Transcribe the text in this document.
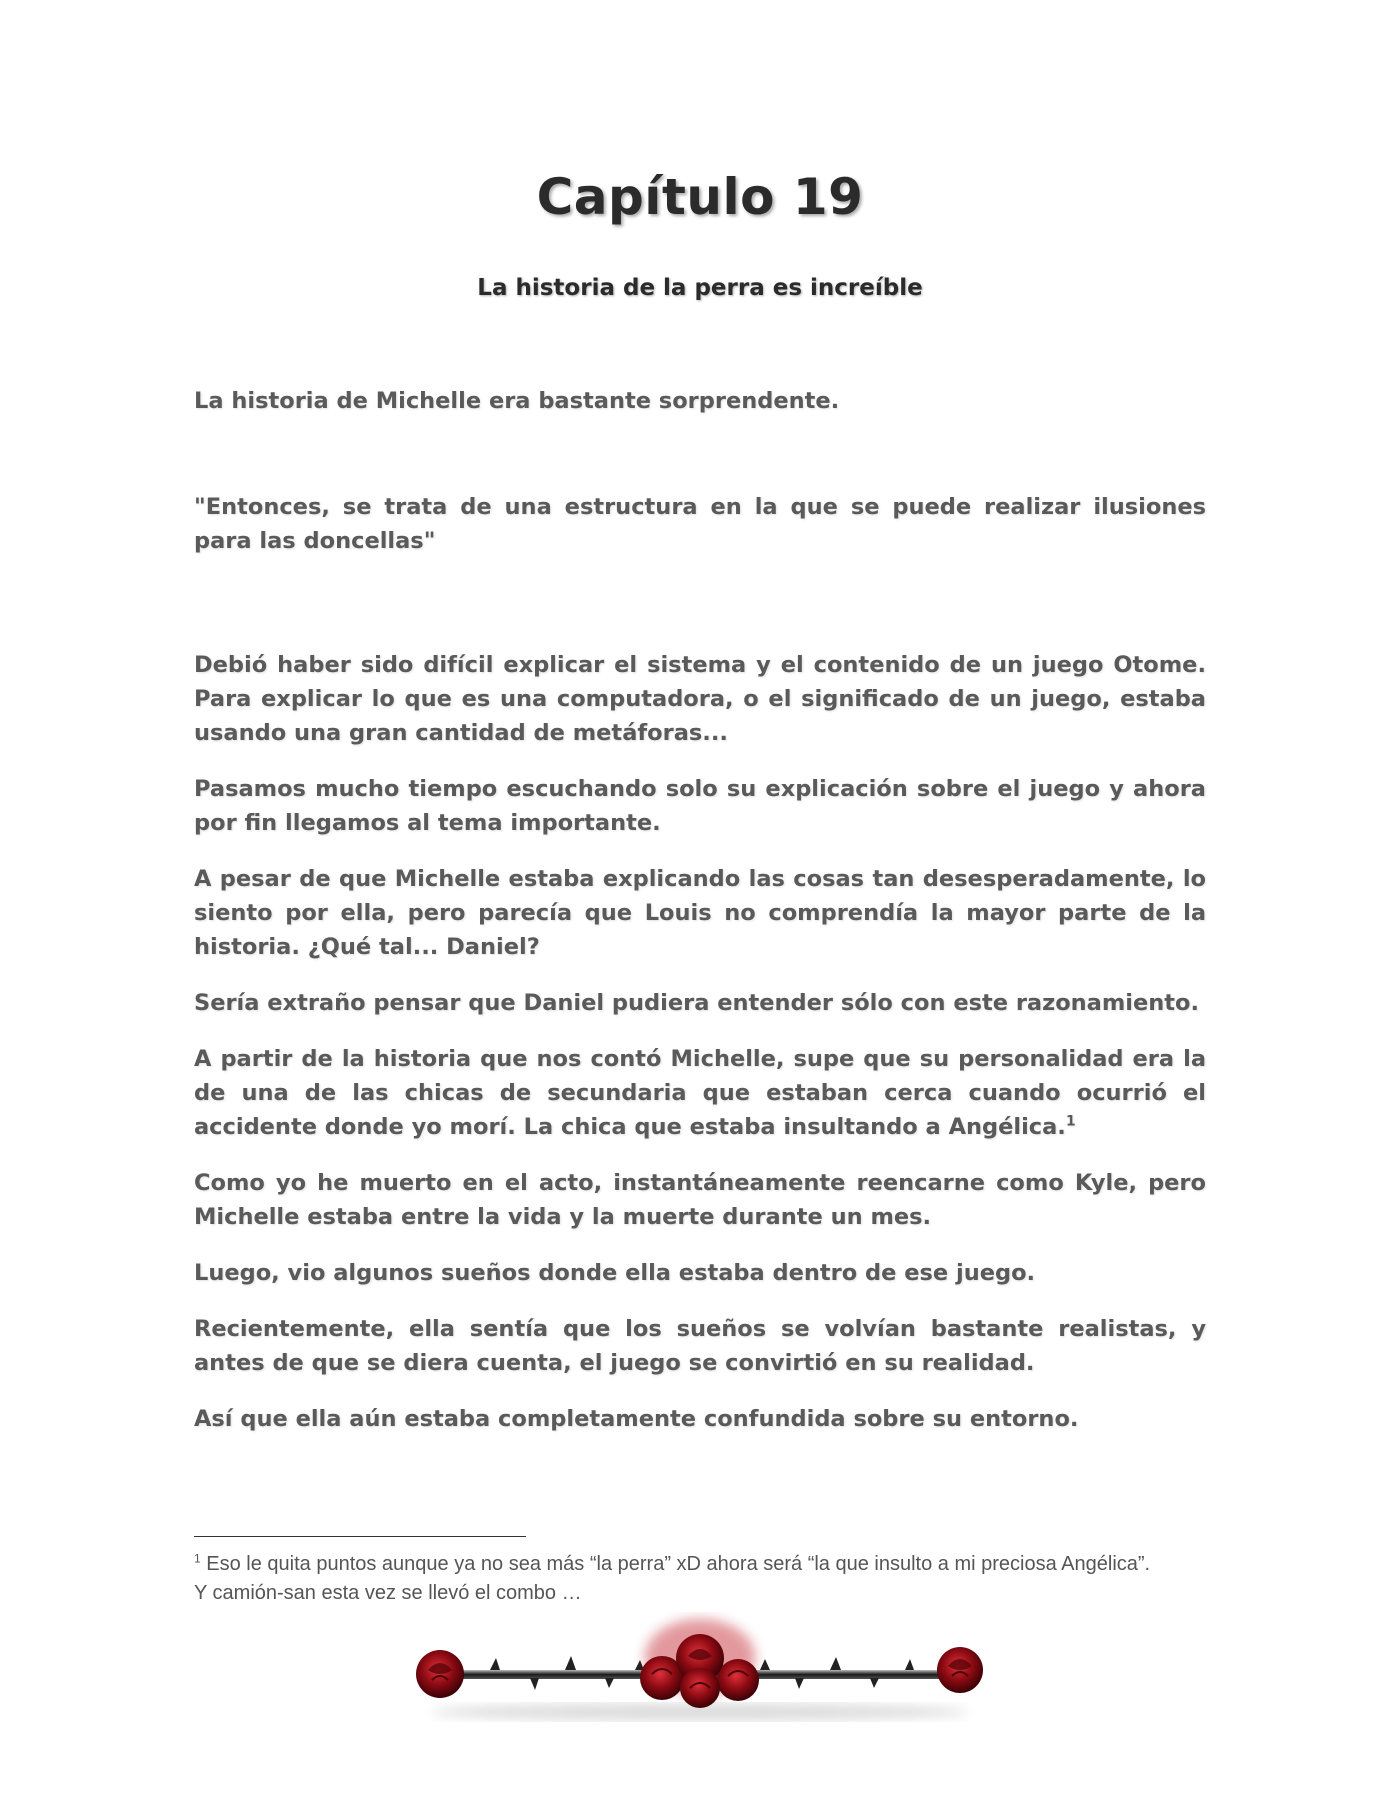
Capítulo 19
La historia de la perra es increíble

La historia de Michelle era bastante sorprendente.

"Entonces, se trata de una estructura en la que se puede realizar ilusiones para las doncellas"

Debió haber sido difícil explicar el sistema y el contenido de un juego Otome. Para explicar lo que es una computadora, o el significado de un juego, estaba usando una gran cantidad de metáforas...

Pasamos mucho tiempo escuchando solo su explicación sobre el juego y ahora por fin llegamos al tema importante.

A pesar de que Michelle estaba explicando las cosas tan desesperadamente, lo siento por ella, pero parecía que Louis no comprendía la mayor parte de la historia. ¿Qué tal... Daniel?

Sería extraño pensar que Daniel pudiera entender sólo con este razonamiento.

A partir de la historia que nos contó Michelle, supe que su personalidad era la de una de las chicas de secundaria que estaban cerca cuando ocurrió el accidente donde yo morí. La chica que estaba insultando a Angélica.$^1$

Como yo he muerto en el acto, instantáneamente reencarne como Kyle, pero Michelle estaba entre la vida y la muerte durante un mes.

Luego, vio algunos sueños donde ella estaba dentro de ese juego.

Recientemente, ella sentía que los sueños se volvían bastante realistas, y antes de que se diera cuenta, el juego se convirtió en su realidad.

Así que ella aún estaba completamente confundida sobre su entorno.

$^1$ Eso le quita puntos aunque ya no sea más “la perra” xD ahora será “la que insulto a mi preciosa Angélica”.
Y camión-san esta vez se llevó el combo …
